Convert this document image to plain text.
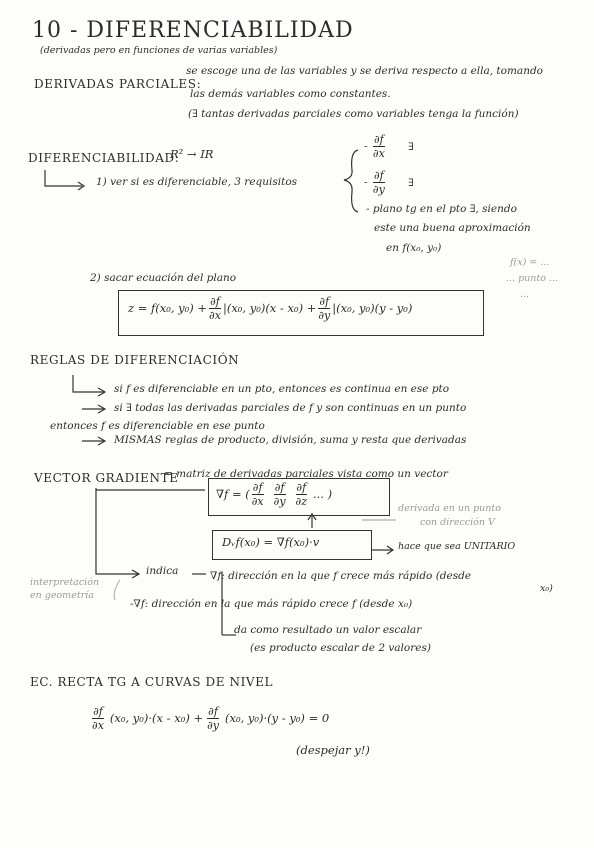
10 - DIFERENCIABILIDAD
(derivadas pero en funciones de varias variables)
DERIVADAS PARCIALES:
se escoge una de las variables y se deriva respecto a ella, tomando
las demás variables como constantes.
(∃ tantas derivadas parciales como variables tenga la función)
DIFERENCIABILIDAD:
R² → IR
1) ver si es diferenciable, 3 requisitos
- $\frac{\partial f}{\partial x}$ ∃
- $\frac{\partial f}{\partial y}$ ∃
- plano tg en el pto ∃, siendo
este una buena aproximación
en f(x₀, y₀)
f(x) = ...
... punto ...
...
2) sacar ecuación del plano
z = f(x₀, $y_0) + \frac{\partial f}{\partial x} |(x_0$, $y_0)(x - x_0) + \frac{\partial f}{\partial y} |(x_0$, y₀)(y - y₀)
REGLAS DE DIFERENCIACIÓN
si f es diferenciable en un pto, entonces es continua en ese pto
si ∃ todas las derivadas parciales de f y son continuas en un punto
entonces f es diferenciable en ese punto
MISMAS reglas de producto, división, suma y resta que derivadas
VECTOR GRADIENTE
= matriz de derivadas parciales vista como un vector
∇f = ( $\frac{\partial f}{\partial x} \frac{\partial f}{\partial y} \frac{\partial f}{\partial z}$ ... )
derivada en un punto
con dirección V
Dᵥf(x₀) = ∇f(x₀)·v	hace que sea UNITARIO
indica
interpretación
en geometría
∇f: dirección en la que f crece más rápido (desde
x₀)
-∇f: dirección en la que más rápido crece f (desde x₀)
da como resultado un valor escalar
(es producto escalar de 2 valores)
EC. RECTA TG A CURVAS DE NIVEL
$\frac{\partial f}{\partial x} (x_0$, $y_0)\cdot(x - x_0) + \frac{\partial f}{\partial y} (x_0$, y₀)·(y - y₀) = 0
(despejar y!)
